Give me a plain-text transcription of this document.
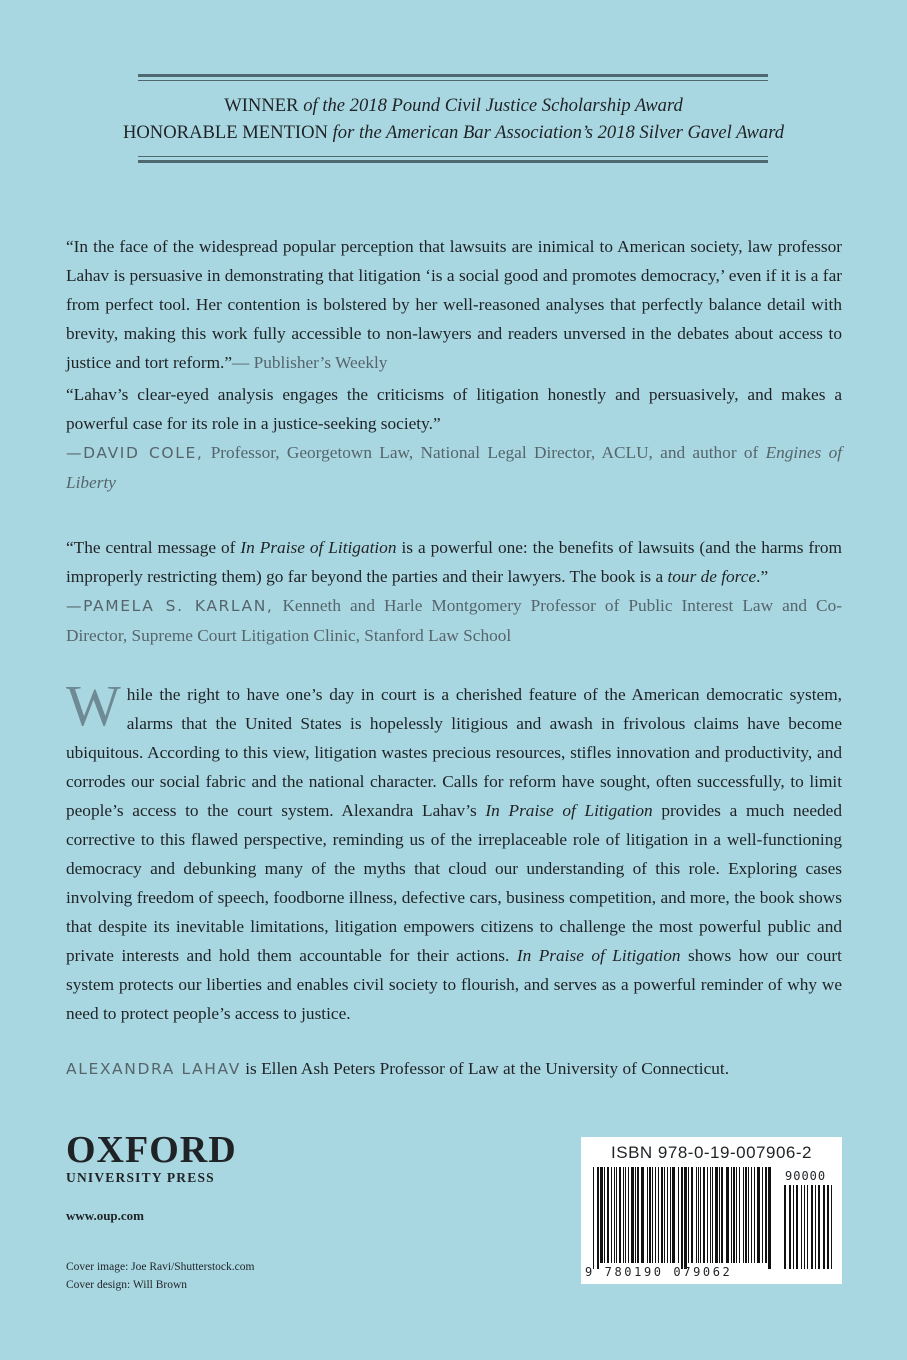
WINNER of the 2018 Pound Civil Justice Scholarship Award
HONORABLE MENTION for the American Bar Association’s 2018 Silver Gavel Award
“In the face of the widespread popular perception that lawsuits are inimical to American society, law professor Lahav is persuasive in demonstrating that litigation ‘is a social good and promotes democracy,’ even if it is a far from perfect tool. Her contention is bolstered by her well-reasoned analyses that perfectly balance detail with brevity, making this work fully accessible to non-lawyers and readers unversed in the debates about access to justice and tort reform.”— Publisher’s Weekly
“Lahav’s clear-eyed analysis engages the criticisms of litigation honestly and persuasively, and makes a powerful case for its role in a justice-seeking society.”
—DAVID COLE, Professor, Georgetown Law, National Legal Director, ACLU, and author of Engines of Liberty
“The central message of In Praise of Litigation is a powerful one: the benefits of lawsuits (and the harms from improperly restricting them) go far beyond the parties and their lawyers. The book is a tour de force.”
—PAMELA S. KARLAN, Kenneth and Harle Montgomery Professor of Public Interest Law and Co-Director, Supreme Court Litigation Clinic, Stanford Law School
While the right to have one’s day in court is a cherished feature of the American democratic system, alarms that the United States is hopelessly litigious and awash in frivolous claims have become ubiquitous. According to this view, litigation wastes precious resources, stifles innovation and productivity, and corrodes our social fabric and the national character. Calls for reform have sought, often successfully, to limit people’s access to the court system. Alexandra Lahav’s In Praise of Litigation provides a much needed corrective to this flawed perspective, reminding us of the irreplaceable role of litigation in a well-functioning democracy and debunking many of the myths that cloud our understanding of this role. Exploring cases involving freedom of speech, foodborne illness, defective cars, business competition, and more, the book shows that despite its inevitable limitations, litigation empowers citizens to challenge the most powerful public and private interests and hold them accountable for their actions. In Praise of Litigation shows how our court system protects our liberties and enables civil society to flourish, and serves as a powerful reminder of why we need to protect people’s access to justice.
ALEXANDRA LAHAV is Ellen Ash Peters Professor of Law at the University of Connecticut.
OXFORD
UNIVERSITY PRESS
www.oup.com
Cover image: Joe Ravi/Shutterstock.com
Cover design: Will Brown
ISBN 978-0-19-007906-2
90000
9 780190 079062
